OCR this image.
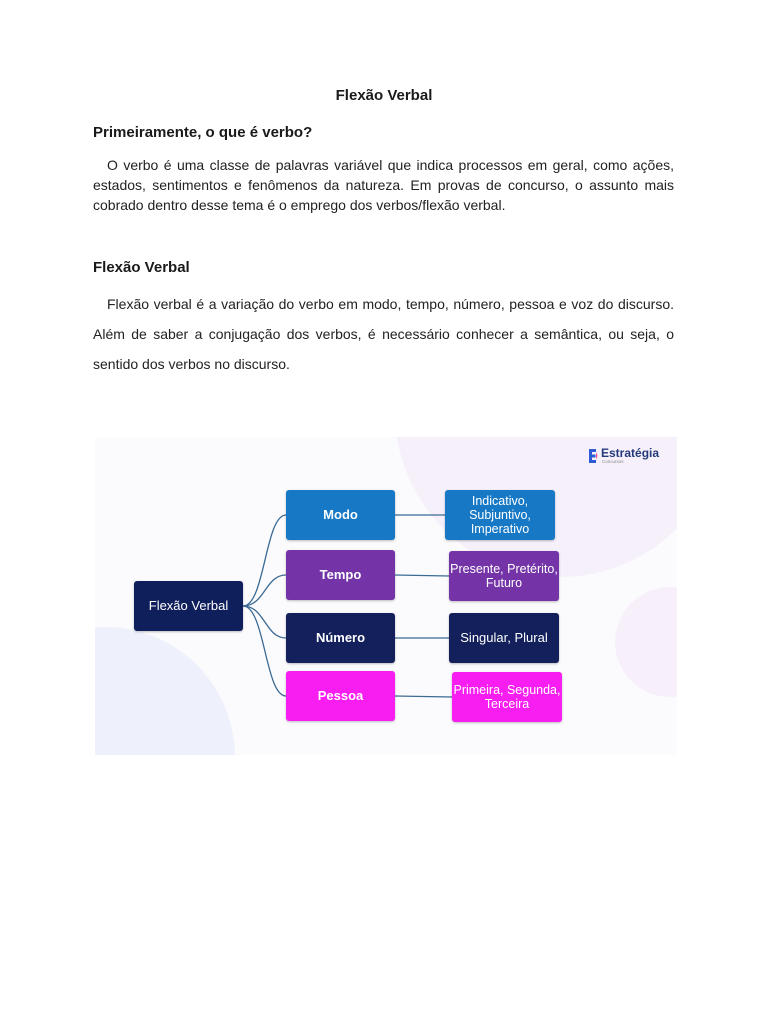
Flexão Verbal
Primeiramente, o que é verbo?

O verbo é uma classe de palavras variável que indica processos em geral, como ações, estados, sentimentos e fenômenos da natureza. Em provas de concurso, o assunto mais cobrado dentro desse tema é o emprego dos verbos/flexão verbal.

Flexão Verbal

Flexão verbal é a variação do verbo em modo, tempo, número, pessoa e voz do discurso. Além de saber a conjugação dos verbos, é necessário conhecer a semântica, ou seja, o sentido dos verbos no discurso.

Estratégia
Concursos
Flexão Verbal
Modo
Tempo
Número
Pessoa
Indicativo, Subjuntivo, Imperativo
Presente, Pretérito, Futuro
Singular, Plural
Primeira, Segunda, Terceira
